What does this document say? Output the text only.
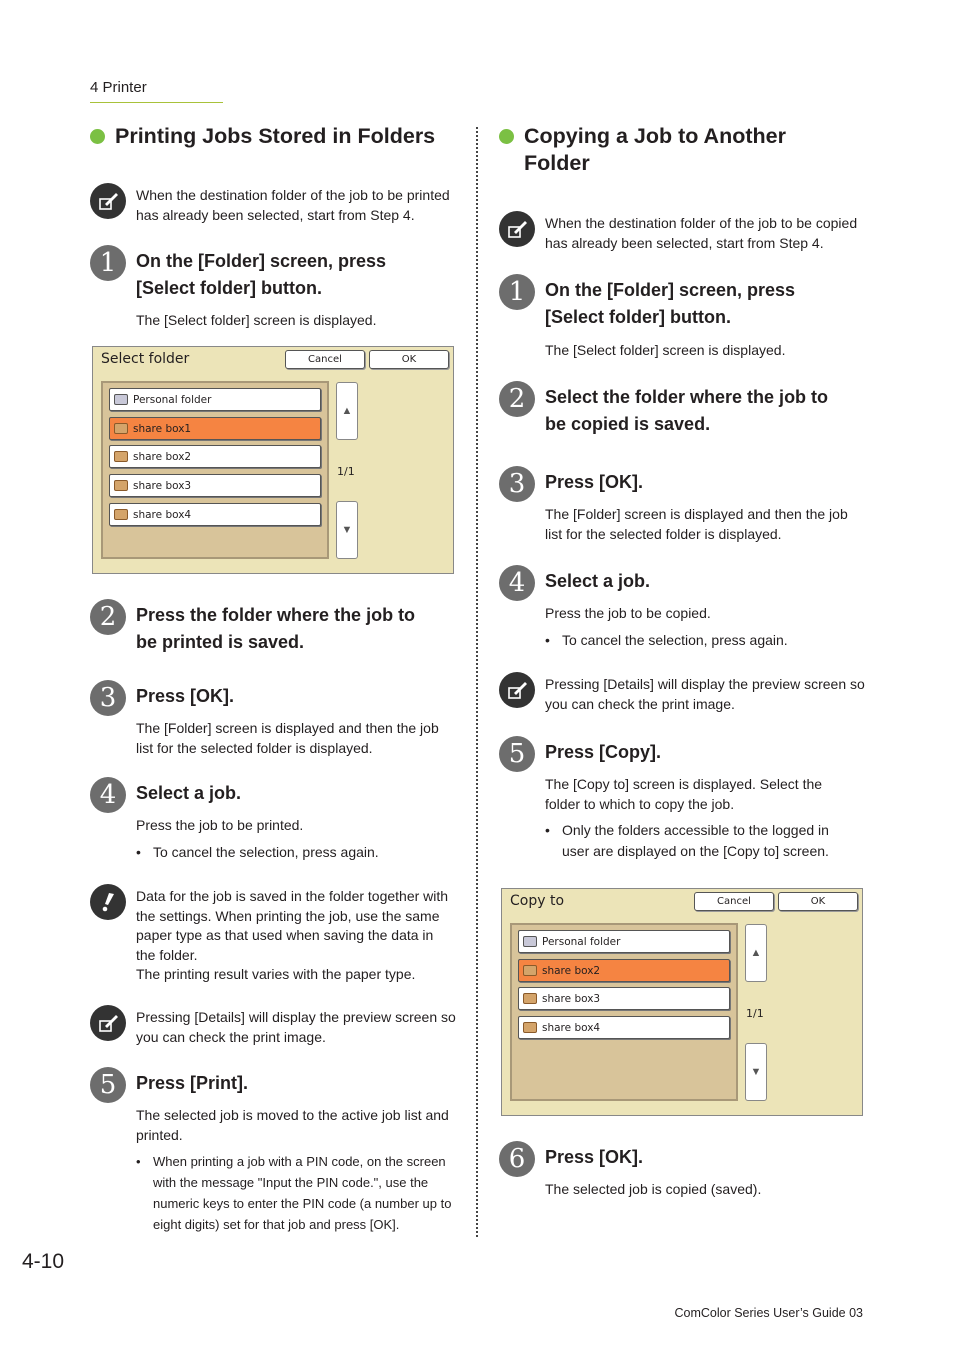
4 Printer
Printing Jobs Stored in Folders

When the destination folder of the job to be printed has already been selected, start from Step 4.

1	On the [Folder] screen, press
[Select folder] button.
The [Select folder] screen is displayed.
Select folder	Cancel	OK
Personal folder
share box1
share box2
share box3
share box4
▲
1/1
▼
2	Press the folder where the job to
be printed is saved.
3	Press [OK].
The [Folder] screen is displayed and then the job list for the selected folder is displayed.
4	Select a job.
Press the job to be printed.
• To cancel the selection, press again.

Data for the job is saved in the folder together with the settings. When printing the job, use the same paper type as that used when saving the data in the folder.
The printing result varies with the paper type.

Pressing [Details] will display the preview screen so you can check the print image.

5	Press [Print].
The selected job is moved to the active job list and printed.
• When printing a job with a PIN code, on the screen with the message "Input the PIN code.", use the numeric keys to enter the PIN code (a number up to eight digits) set for that job and press [OK].
Copying a Job to Another
Folder

When the destination folder of the job to be copied has already been selected, start from Step 4.

1	On the [Folder] screen, press
[Select folder] button.
The [Select folder] screen is displayed.
2	Select the folder where the job to
be copied is saved.
3	Press [OK].
The [Folder] screen is displayed and then the job list for the selected folder is displayed.
4	Select a job.
Press the job to be copied.
• To cancel the selection, press again.

Pressing [Details] will display the preview screen so you can check the print image.

5	Press [Copy].
The [Copy to] screen is displayed. Select the folder to which to copy the job.
• Only the folders accessible to the logged in user are displayed on the [Copy to] screen.
Copy to	Cancel	OK
Personal folder
share box2
share box3
share box4
▲
1/1
▼
6	Press [OK].
The selected job is copied (saved).
4-10
ComColor Series User’s Guide 03
